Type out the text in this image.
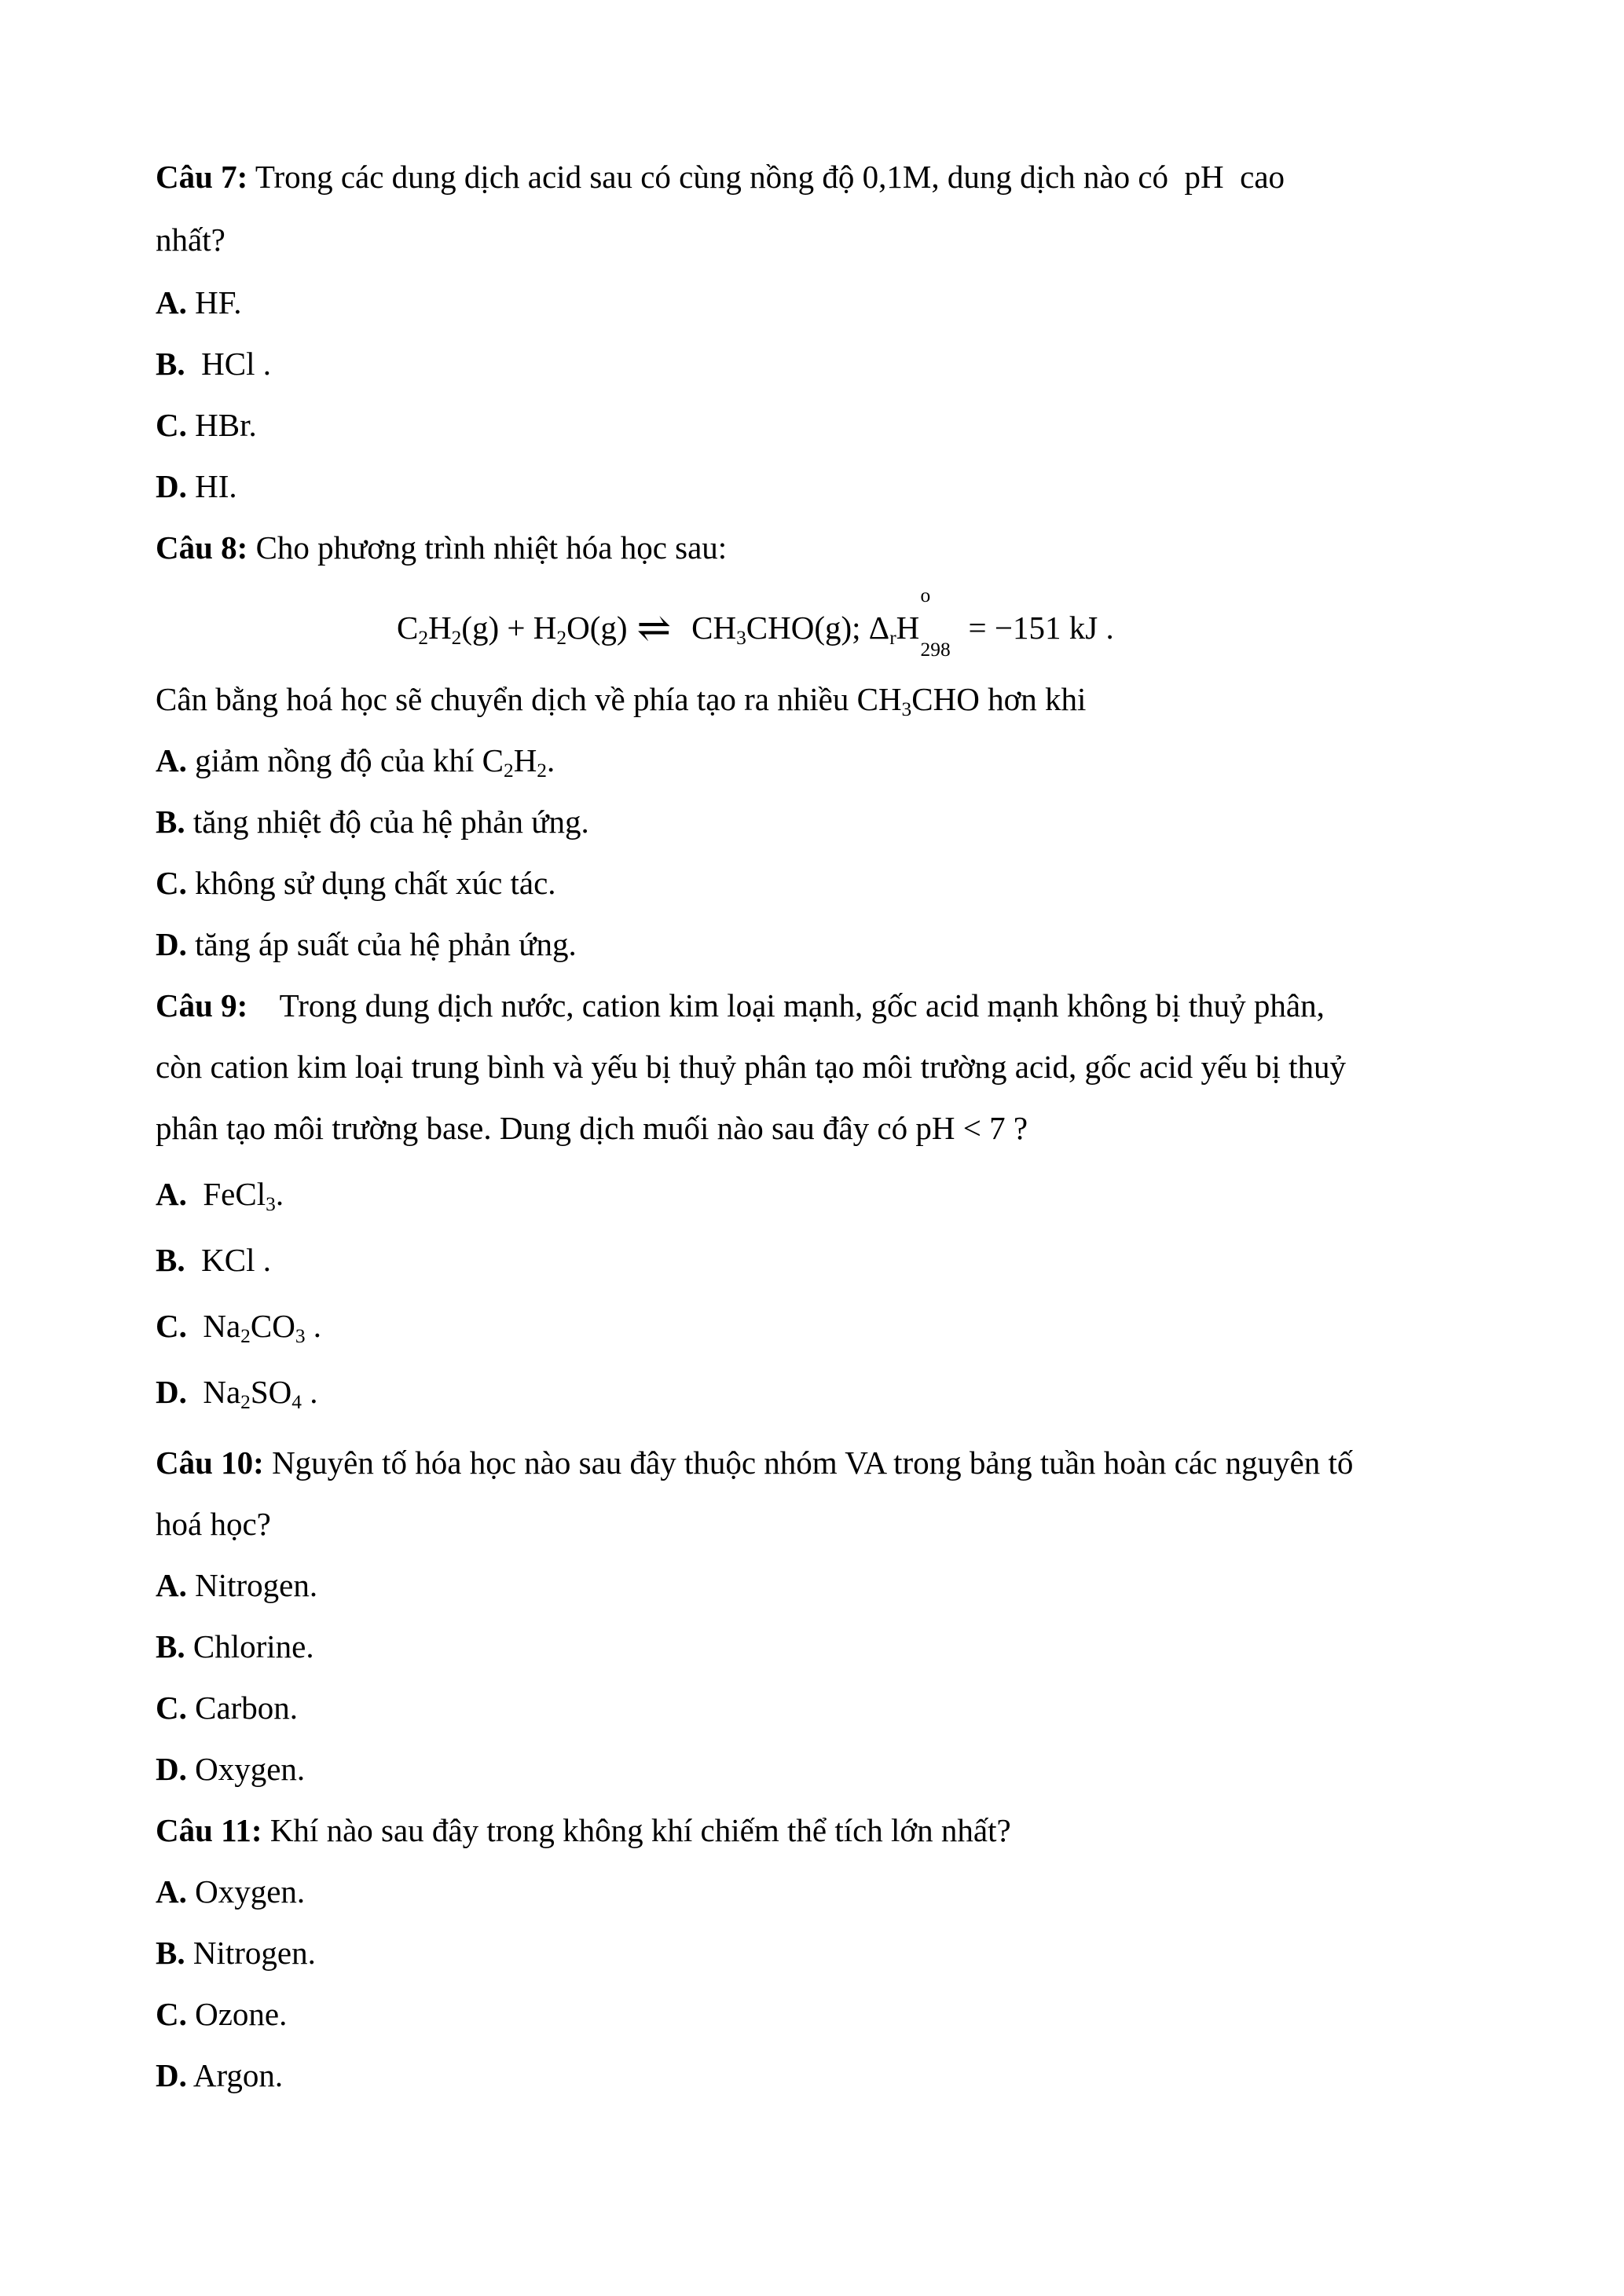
Câu 7: Trong các dung dịch acid sau có cùng nồng độ 0,1M, dung dịch nào có  pH  cao
nhất?
A. HF.
B.  HCl .
C. HBr.
D. HI.
Câu 8: Cho phương trình nhiệt hóa học sau:
$C_2H_2(g) + H_2O(g)$ ⇌ $CH_3CHO(g)$; $\Delta_rH$
o
298
= −151 kJ .
Cân bằng hoá học sẽ chuyển dịch về phía tạo ra nhiều $CH_3CHO$ hơn khi
A. giảm nồng độ của khí $C_2H_2$.
B. tăng nhiệt độ của hệ phản ứng.
C. không sử dụng chất xúc tác.
D. tăng áp suất của hệ phản ứng.
Câu 9:    Trong dung dịch nước, cation kim loại mạnh, gốc acid mạnh không bị thuỷ phân,
còn cation kim loại trung bình và yếu bị thuỷ phân tạo môi trường acid, gốc acid yếu bị thuỷ
phân tạo môi trường base. Dung dịch muối nào sau đây có pH < 7 ?
A.  FeCl$_3$.
B.  KCl .
C.  $Na_2CO_3$ .
D.  $Na_2SO_4$ .
Câu 10: Nguyên tố hóa học nào sau đây thuộc nhóm VA trong bảng tuần hoàn các nguyên tố
hoá học?
A. Nitrogen.
B. Chlorine.
C. Carbon.
D. Oxygen.
Câu 11: Khí nào sau đây trong không khí chiếm thể tích lớn nhất?
A. Oxygen.
B. Nitrogen.
C. Ozone.
D. Argon.
